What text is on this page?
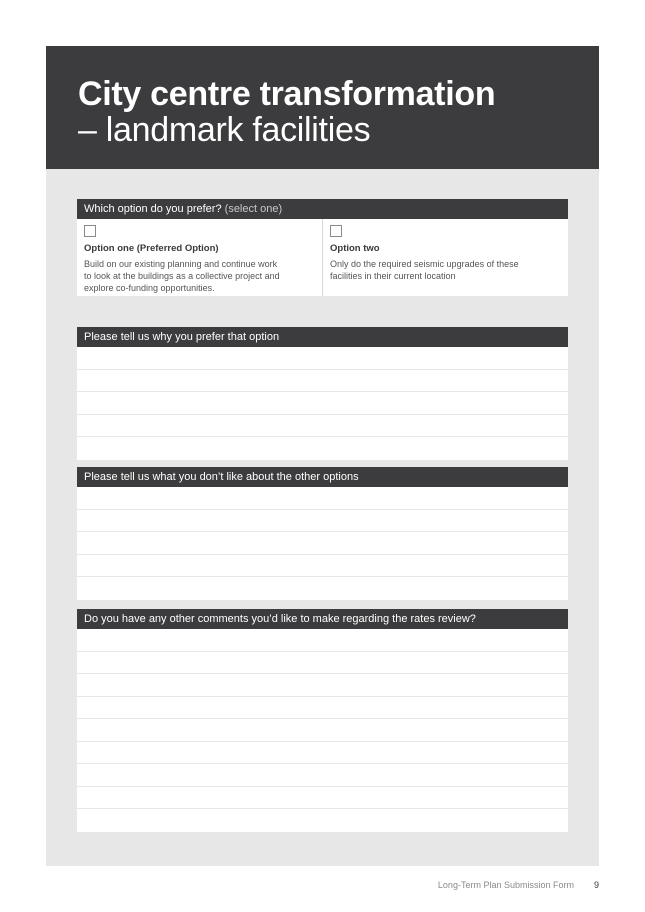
City centre transformation
– landmark facilities
Which option do you prefer? (select one)
Option one (Preferred Option)
Build on our existing planning and continue work to look at the buildings as a collective project and explore co-funding opportunities.
Option two
Only do the required seismic upgrades of these facilities in their current location
Please tell us why you prefer that option
Please tell us what you don’t like about the other options
Do you have any other comments you’d like to make regarding the rates review?
Long-Term Plan Submission Form 9
